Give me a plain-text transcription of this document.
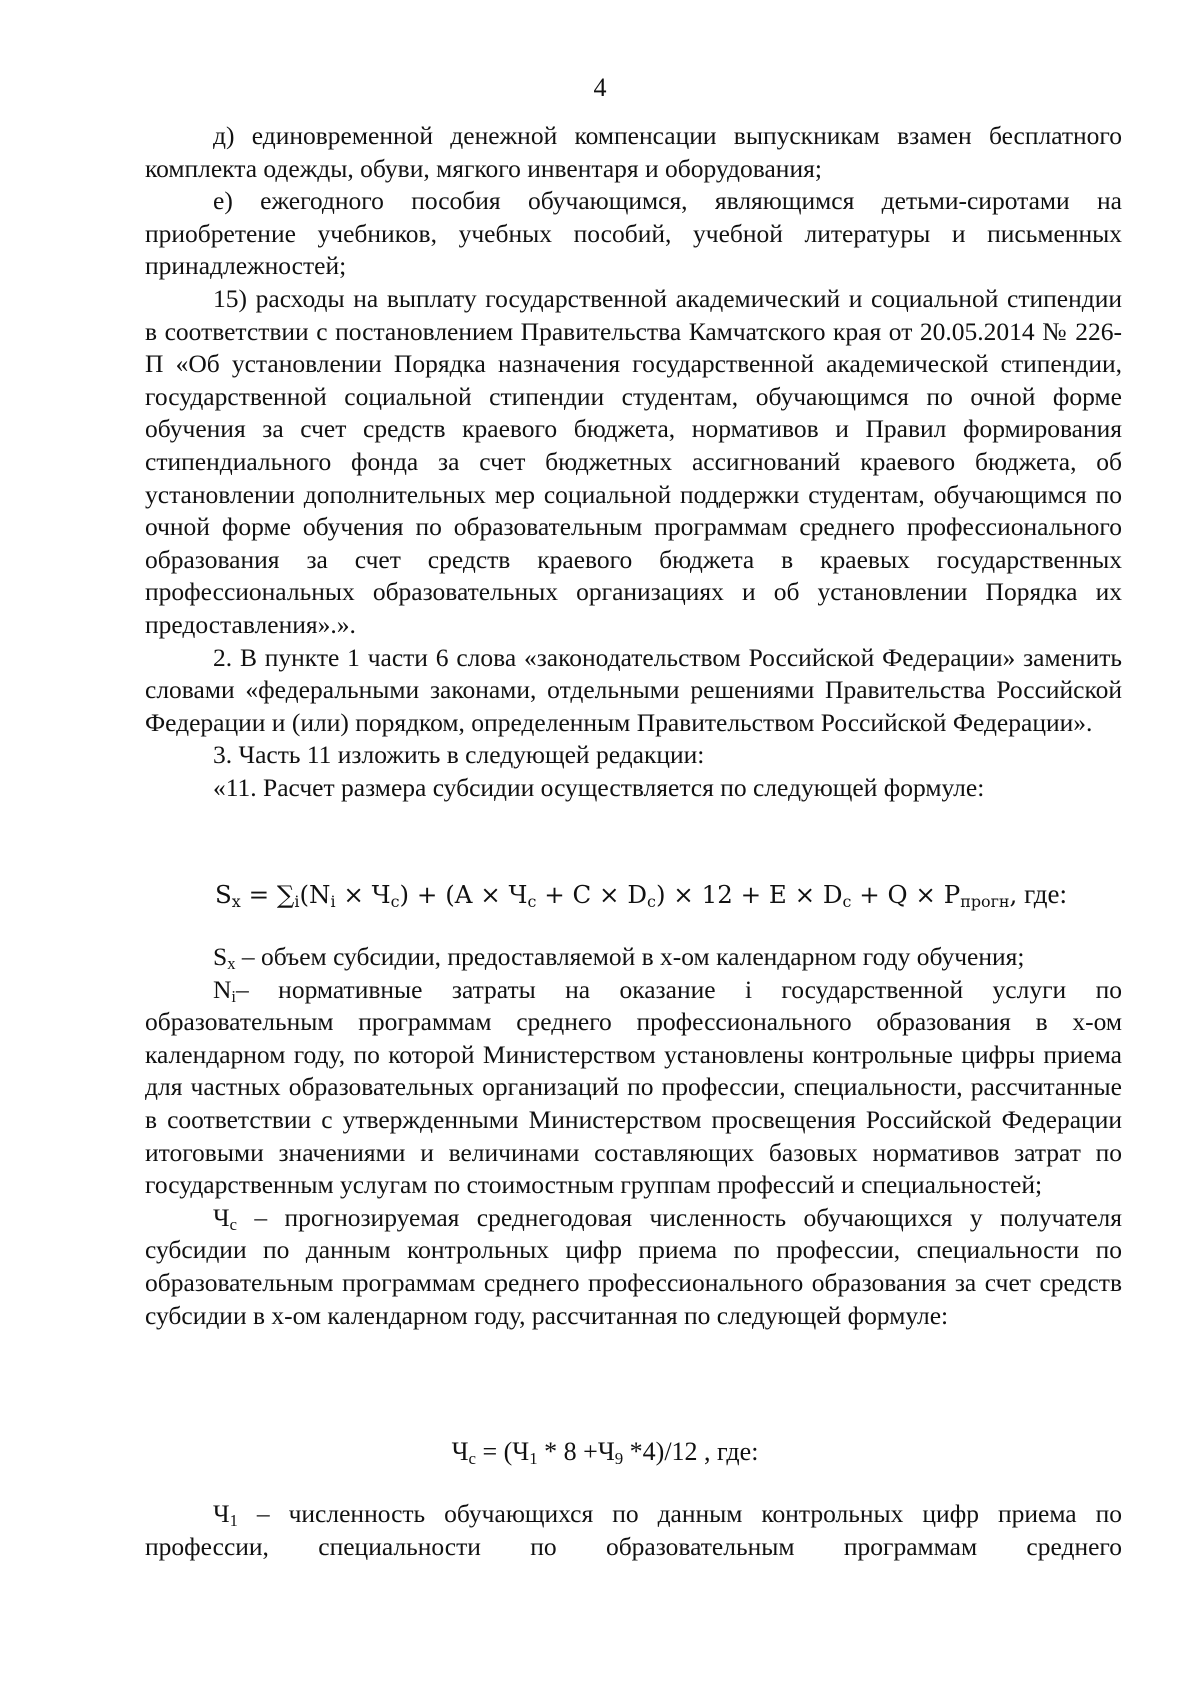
4

д) единовременной денежной компенсации выпускникам взамен бесплатного комплекта одежды, обуви, мягкого инвентаря и оборудования;

е) ежегодного пособия обучающимся, являющимся детьми-сиротами на приобретение учебников, учебных пособий, учебной литературы и письменных принадлежностей;

15) расходы на выплату государственной академический и социальной стипендии в соответствии с постановлением Правительства Камчатского края от 20.05.2014 № 226-П «Об установлении Порядка назначения государственной академической стипендии, государственной социальной стипендии студентам, обучающимся по очной форме обучения за счет средств краевого бюджета, нормативов и Правил формирования стипендиального фонда за счет бюджетных ассигнований краевого бюджета, об установлении дополнительных мер социальной поддержки студентам, обучающимся по очной форме обучения по образовательным программам среднего профессионального образования за счет средств краевого бюджета в краевых государственных профессиональных образовательных организациях и об установлении Порядка их предоставления».».

2. В пункте 1 части 6 слова «законодательством Российской Федерации» заменить словами «федеральными законами, отдельными решениями Правительства Российской Федерации и (или) порядком, определенным Правительством Российской Федерации».

3. Часть 11 изложить в следующей редакции:

«11. Расчет размера субсидии осуществляется по следующей формуле:

$S_x = \sum_i(N_i \times Ч_c) + (A \times Ч_c + C \times D_c) \times 12 + E \times D_c + Q \times P_{прогн}$, где:

$S_x$ – объем субсидии, предоставляемой в х-ом календарном году обучения;

$N_i-$ нормативные затраты на оказание i государственной услуги по образовательным программам среднего профессионального образования в х-ом календарном году, по которой Министерством установлены контрольные цифры приема для частных образовательных организаций по профессии, специальности, рассчитанные в соответствии с утвержденными Министерством просвещения Российской Федерации итоговыми значениями и величинами составляющих базовых нормативов затрат по государственным услугам по стоимостным группам профессий и специальностей;

$Ч_с$ – прогнозируемая среднегодовая численность обучающихся у получателя субсидии по данным контрольных цифр приема по профессии, специальности по образовательным программам среднего профессионального образования за счет средств субсидии в х-ом календарном году, рассчитанная по следующей формуле:

$Ч_с = (Ч_1 * 8 +Ч_9$ *4)/12 , где:

$Ч_1$ – численность обучающихся по данным контрольных цифр приема по профессии, специальности по образовательным программам среднего
